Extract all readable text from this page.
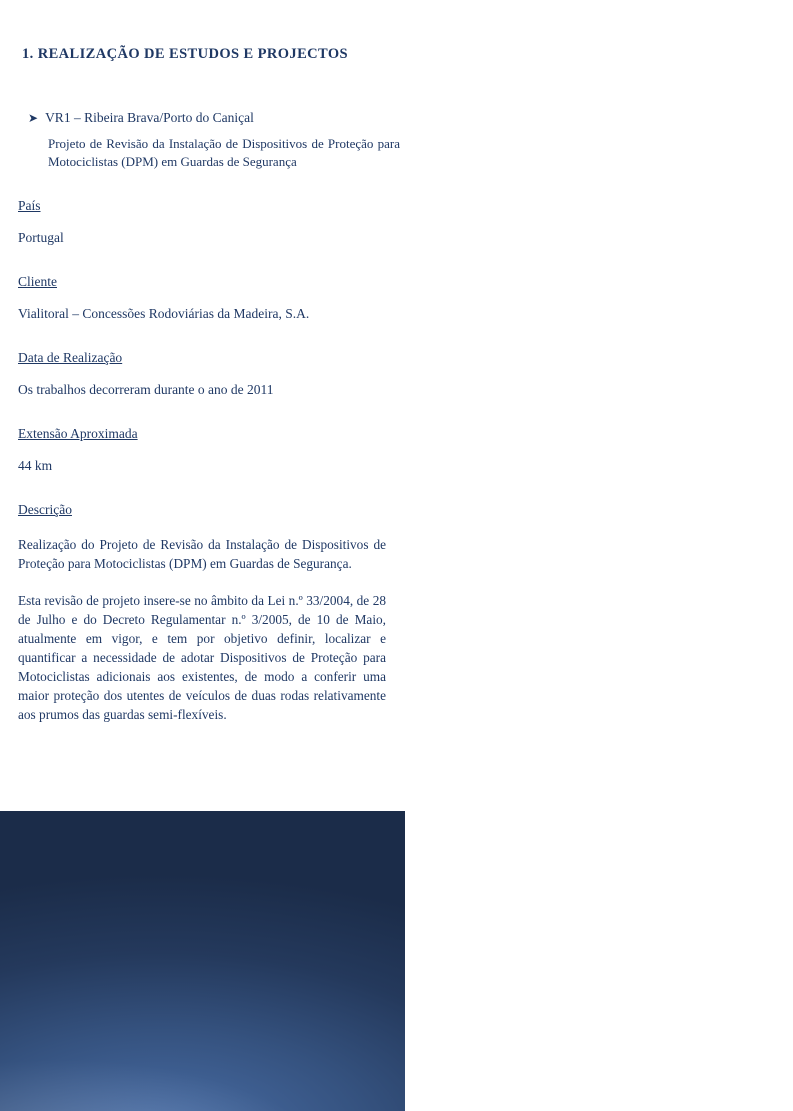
1. REALIZAÇÃO DE ESTUDOS E PROJECTOS
➤ VR1 – Ribeira Brava/Porto do Caniçal
Projeto de Revisão da Instalação de Dispositivos de Proteção para Motociclistas (DPM) em Guardas de Segurança
País
Portugal
Cliente
Vialitoral – Concessões Rodoviárias da Madeira, S.A.
Data de Realização
Os trabalhos decorreram durante o ano de 2011
Extensão Aproximada
44 km
Descrição
Realização do Projeto de Revisão da Instalação de Dispositivos de Proteção para Motociclistas (DPM) em Guardas de Segurança.
Esta revisão de projeto insere-se no âmbito da Lei n.º 33/2004, de 28 de Julho e do Decreto Regulamentar n.º 3/2005, de 10 de Maio, atualmente em vigor, e tem por objetivo definir, localizar e quantificar a necessidade de adotar Dispositivos de Proteção para Motociclistas adicionais aos existentes, de modo a conferir uma maior proteção dos utentes de veículos de duas rodas relativamente aos prumos das guardas semi-flexíveis.
